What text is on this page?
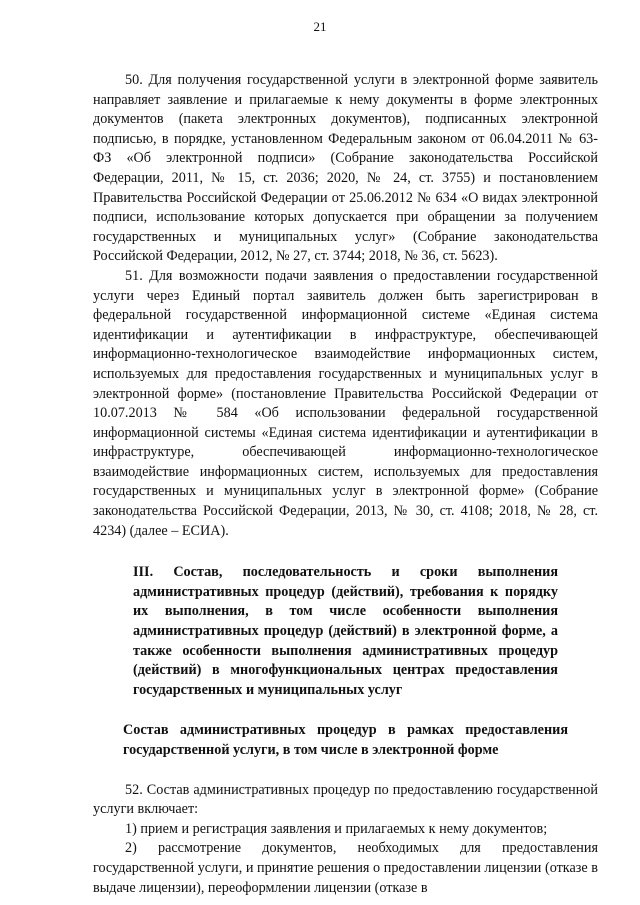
21

50. Для получения государственной услуги в электронной форме заявитель направляет заявление и прилагаемые к нему документы в форме электронных документов (пакета электронных документов), подписанных электронной подписью, в порядке, установленном Федеральным законом от 06.04.2011 № 63-ФЗ «Об электронной подписи» (Собрание законодательства Российской Федерации, 2011, № 15, ст. 2036; 2020, № 24, ст. 3755) и постановлением Правительства Российской Федерации от 25.06.2012 № 634 «О видах электронной подписи, использование которых допускается при обращении за получением государственных и муниципальных услуг» (Собрание законодательства Российской Федерации, 2012, № 27, ст. 3744; 2018, № 36, ст. 5623).

51. Для возможности подачи заявления о предоставлении государственной услуги через Единый портал заявитель должен быть зарегистрирован в федеральной государственной информационной системе «Единая система идентификации и аутентификации в инфраструктуре, обеспечивающей информационно-технологическое взаимодействие информационных систем, используемых для предоставления государственных и муниципальных услуг в электронной форме» (постановление Правительства Российской Федерации от 10.07.2013 № 584 «Об использовании федеральной государственной информационной системы «Единая система идентификации и аутентификации в инфраструктуре, обеспечивающей информационно-технологическое взаимодействие информационных систем, используемых для предоставления государственных и муниципальных услуг в электронной форме» (Собрание законодательства Российской Федерации, 2013, № 30, ст. 4108; 2018, № 28, ст. 4234) (далее – ЕСИА).

III. Состав, последовательность и сроки выполнения административных процедур (действий), требования к порядку их выполнения, в том числе особенности выполнения административных процедур (действий) в электронной форме, а также особенности выполнения административных процедур (действий) в многофункциональных центрах предоставления государственных и муниципальных услуг

Состав административных процедур в рамках предоставления государственной услуги, в том числе в электронной форме

52. Состав административных процедур по предоставлению государственной услуги включает:

1) прием и регистрация заявления и прилагаемых к нему документов;

2) рассмотрение документов, необходимых для предоставления государственной услуги, и принятие решения о предоставлении лицензии (отказе в выдаче лицензии), переоформлении лицензии (отказе в
